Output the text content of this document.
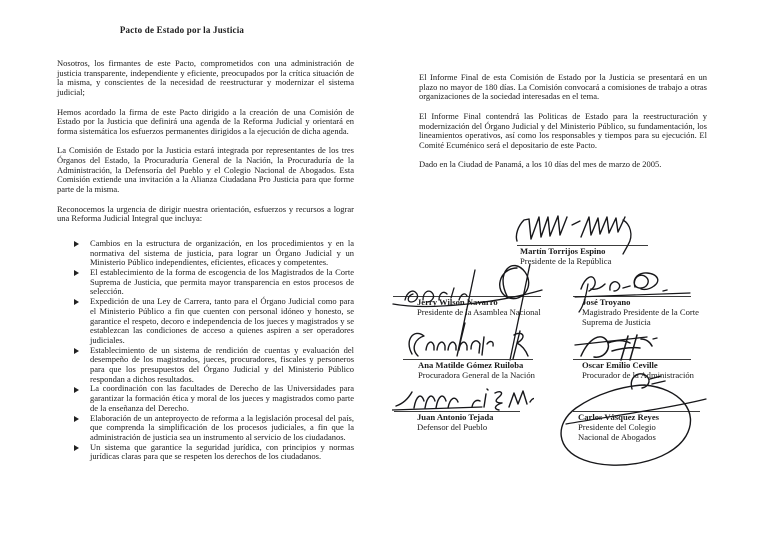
Pacto de Estado por la Justicia

Nosotros, los firmantes de este Pacto, comprometidos con una administración de justicia transparente, independiente y eficiente, preocupados por la crítica situación de la misma, y conscientes de la necesidad de reestructurar y modernizar el sistema judicial;

Hemos acordado la firma de este Pacto dirigido a la creación de una Comisión de Estado por la Justicia que definirá una agenda de la Reforma Judicial y orientará en forma sistemática los esfuerzos permanentes dirigidos a la ejecución de dicha agenda.

La Comisión de Estado por la Justicia estará integrada por representantes de los tres Órganos del Estado, la Procuraduría General de la Nación, la Procuraduría de la Administración, la Defensoría del Pueblo y el Colegio Nacional de Abogados. Esta Comisión extiende una invitación a la Alianza Ciudadana Pro Justicia para que forme parte de la misma.

Reconocemos la urgencia de dirigir nuestra orientación, esfuerzos y recursos a lograr una Reforma Judicial Integral que incluya:

Cambios en la estructura de organización, en los procedimientos y en la normativa del sistema de justicia, para lograr un Órgano Judicial y un Ministerio Público independientes, eficientes, eficaces y competentes.
El establecimiento de la forma de escogencia de los Magistrados de la Corte Suprema de Justicia, que permita mayor transparencia en estos procesos de selección.
Expedición de una Ley de Carrera, tanto para el Órgano Judicial como para el Ministerio Público a fin que cuenten con personal idóneo y honesto, se garantice el respeto, decoro e independencia de los jueces y magistrados y se establezcan las condiciones de acceso a quienes aspiren a ser operadores judiciales.
Establecimiento de un sistema de rendición de cuentas y evaluación del desempeño de los magistrados, jueces, procuradores, fiscales y personeros para que los presupuestos del Órgano Judicial y del Ministerio Público respondan a dichos resultados.
La coordinación con las facultades de Derecho de las Universidades para garantizar la formación ética y moral de los jueces y magistrados como parte de la enseñanza del Derecho.
Elaboración de un anteproyecto de reforma a la legislación procesal del país, que comprenda la simplificación de los procesos judiciales, a fin que la administración de justicia sea un instrumento al servicio de los ciudadanos.
Un sistema que garantice la seguridad jurídica, con principios y normas jurídicas claras para que se respeten los derechos de los ciudadanos.

El Informe Final de esta Comisión de Estado por la Justicia se presentará en un plazo no mayor de 180 días. La Comisión convocará a comisiones de trabajo a otras organizaciones de la sociedad interesadas en el tema.

El Informe Final contendrá las Politicas de Estado para la reestructuración y modernización del Órgano Judicial y del Ministerio Público, su fundamentación, los lineamientos operativos, así como los responsables y tiempos para su ejecución. El Comité Ecuménico será el depositario de este Pacto.

Dado en la Ciudad de Panamá, a los 10 días del mes de marzo de 2005.

Martín Torrijos Espino
Presidente de la República
Jerry Wilson Navarro
Presidente de la Asamblea Nacional
José Troyano
Magistrado Presidente de la Corte Suprema de Justicia
Ana Matilde Gómez Ruiloba
Procuradora General de la Nación
Oscar Emilio Ceville
Procurador de la Administración
Juan Antonio Tejada
Defensor del Pueblo
Carlos Vásquez Reyes
Presidente del Colegio Nacional de Abogados
